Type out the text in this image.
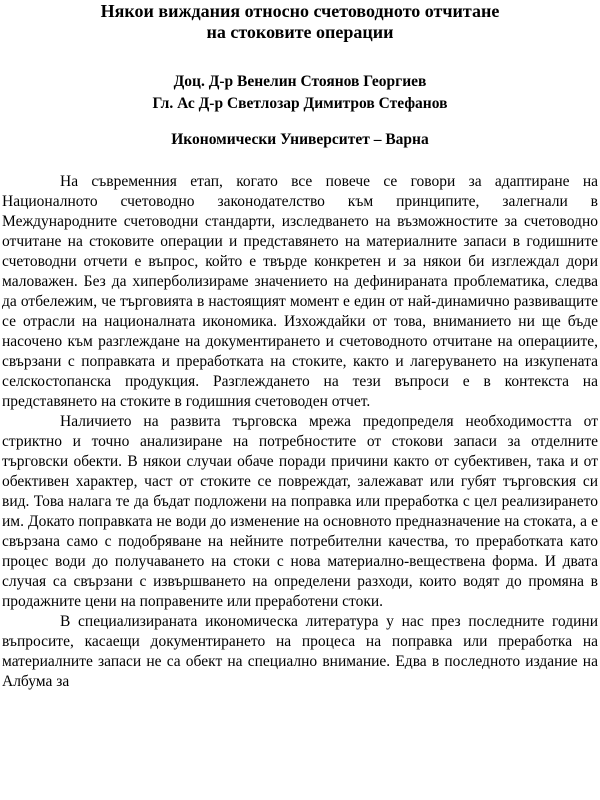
Някои виждания относно счетоводното отчитане
на стоковите операции
Доц. Д-р Венелин Стоянов Георгиев
Гл. Ас Д-р Светлозар Димитров Стефанов
Икономически Университет – Варна

На съвременния етап, когато все повече се говори за адаптиране на Националното счетоводно законодателство към принципите, залегнали в Международните счетоводни стандарти, изследването на възможностите за счетоводно отчитане на стоковите операции и представянето на материалните запаси в годишните счетоводни отчети е въпрос, който е твърде конкретен и за някои би изглеждал дори маловажен. Без да хиперболизираме значението на дефинираната проблематика, следва да отбележим, че търговията в настоящият момент е един от най-динамично развиващите се отрасли на националната икономика. Изхождайки от това, вниманието ни ще бъде насочено към разглеждане на документирането и счетоводното отчитане на операциите, свързани с поправката и преработката на стоките, както и лагеруването на изкупената селскостопанска продукция. Разглеждането на тези въпроси е в контекста на представянето на стоките в годишния счетоводен отчет.

Наличието на развита търговска мрежа предопределя необходимостта от стриктно и точно анализиране на потребностите от стокови запаси за отделните търговски обекти. В някои случаи обаче поради причини както от субективен, така и от обективен характер, част от стоките се повреждат, залежават или губят търговския си вид. Това налага те да бъдат подложени на поправка или преработка с цел реализирането им. Докато поправката не води до изменение на основното предназначение на стоката, а е свързана само с подобряване на нейните потребителни качества, то преработката като процес води до получаването на стоки с нова материално-веществена форма. И двата случая са свързани с извършването на определени разходи, които водят до промяна в продажните цени на поправените или преработени стоки.

В специализираната икономическа литература у нас през последните години въпросите, касаещи документирането на процеса на поправка или преработка на материалните запаси не са обект на специално внимание. Едва в последното издание на Албума за
